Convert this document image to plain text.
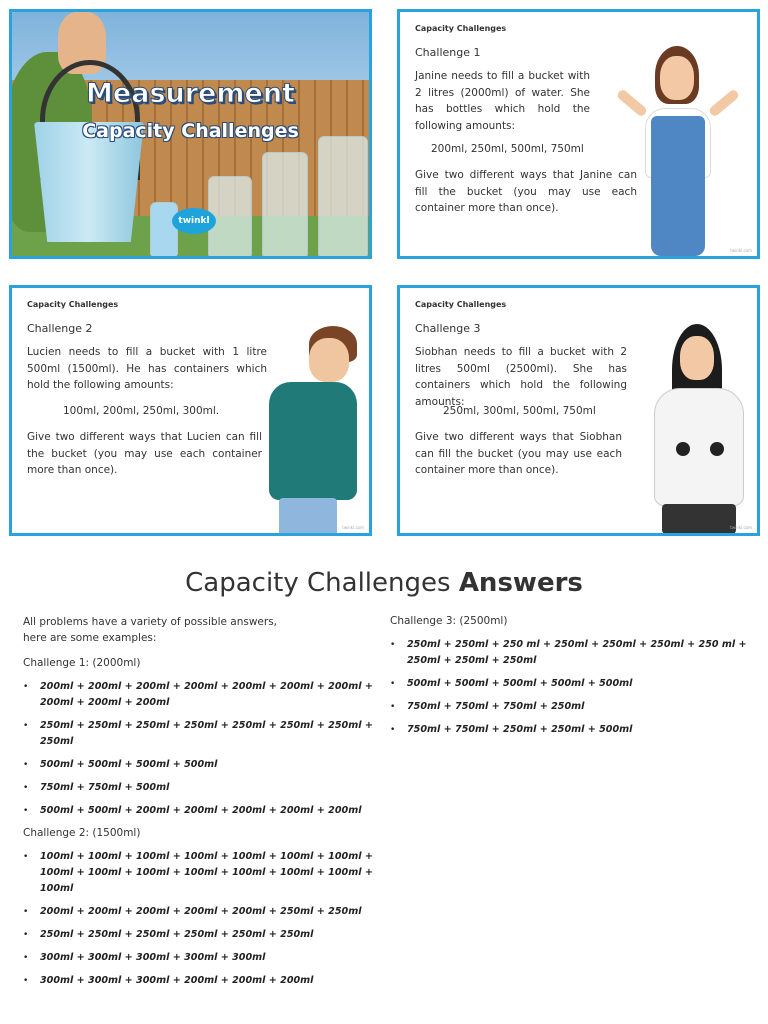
Measurement
Capacity Challenges
twinkl
Capacity Challenges
Challenge 1
Janine needs to fill a bucket with 2 litres (2000ml) of water. She has bottles which hold the following amounts:
200ml, 250ml, 500ml, 750ml
Give two different ways that Janine can fill the bucket (you may use each container more than once).
twinkl.com
Capacity Challenges
Challenge 2
Lucien needs to fill a bucket with 1 litre 500ml (1500ml). He has containers which hold the following amounts:
100ml, 200ml, 250ml, 300ml.
Give two different ways that Lucien can fill the bucket (you may use each container more than once).
twinkl.com
Capacity Challenges
Challenge 3
Siobhan needs to fill a bucket with 2 litres 500ml (2500ml). She has containers which hold the following amounts:
250ml, 300ml, 500ml, 750ml
Give two different ways that Siobhan can fill the bucket (you may use each container more than once).
twinkl.com
Capacity Challenges Answers
All problems have a variety of possible answers, here are some examples:
Challenge 1: (2000ml)
• 200ml + 200ml + 200ml + 200ml + 200ml + 200ml + 200ml + 200ml + 200ml + 200ml
• 250ml + 250ml + 250ml + 250ml + 250ml + 250ml + 250ml + 250ml
• 500ml + 500ml + 500ml + 500ml
• 750ml + 750ml + 500ml
• 500ml + 500ml + 200ml + 200ml + 200ml + 200ml + 200ml
Challenge 2: (1500ml)
• 100ml + 100ml + 100ml + 100ml + 100ml + 100ml + 100ml + 100ml + 100ml + 100ml + 100ml + 100ml + 100ml + 100ml + 100ml
• 200ml + 200ml + 200ml + 200ml + 200ml + 250ml + 250ml
• 250ml + 250ml + 250ml + 250ml + 250ml + 250ml
• 300ml + 300ml + 300ml + 300ml + 300ml
• 300ml + 300ml + 300ml + 200ml + 200ml + 200ml
Challenge 3: (2500ml)
• 250ml + 250ml + 250 ml + 250ml + 250ml + 250ml + 250 ml + 250ml + 250ml + 250ml
• 500ml + 500ml + 500ml + 500ml + 500ml
• 750ml + 750ml + 750ml + 250ml
• 750ml + 750ml + 250ml + 250ml + 500ml
